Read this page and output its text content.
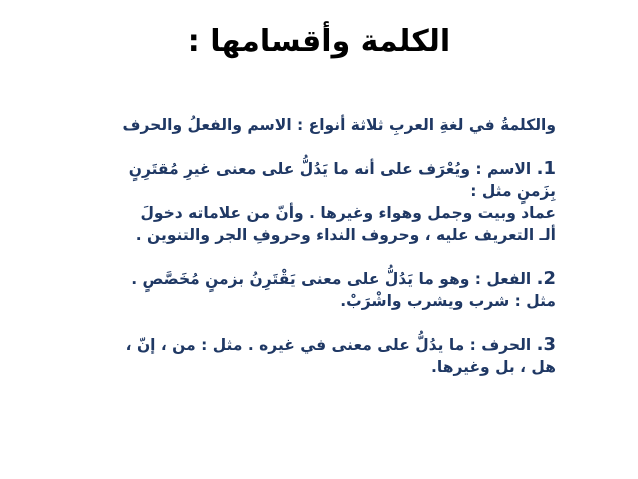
الكلمة وأقسامها :
والكلمةُ في لغةِ العربِ ثلاثة أنواع : الاسم والفعلُ والحرف
1. الاسم : ويُعْرَف على أنه ما يَدُلُّ على معنى غيرِ مُقتَرِنٍ
بِزَمنٍ مثل :
عماد وبيت وجمل وهواء وغيرها . وأنّ من علاماته دخولَ
ألـ التعريف عليه ، وحروف النداء وحروفِ الجر والتنوين .
2. الفعل : وهو ما يَدُلُّ على معنى يَقْتَرِنُ بزمنٍ مُخَصَّصٍ .
مثل : شرب ويشرب واشْرَبْ.
3. الحرف : ما يدُلُّ على معنى في غيره . مثل : من ، إنّ ،
هل ، بل وغيرها.
